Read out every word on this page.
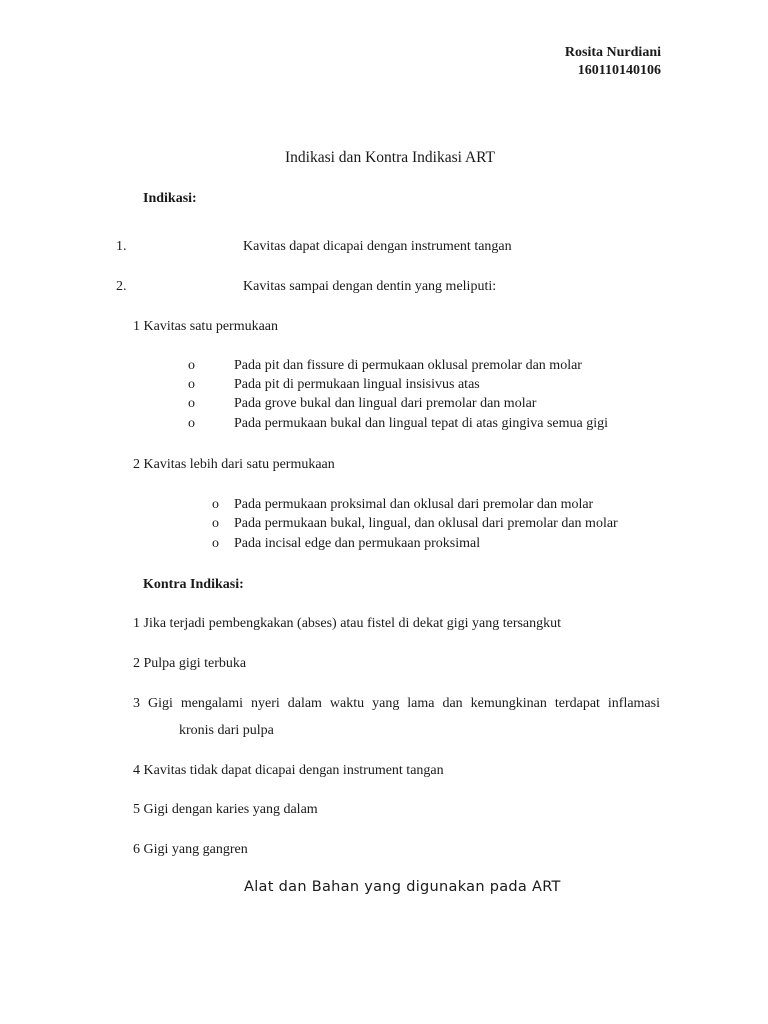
Rosita Nurdiani
160110140106
Indikasi dan Kontra Indikasi ART
Indikasi:
1.	Kavitas dapat dicapai dengan instrument tangan
2.	Kavitas sampai dengan dentin yang meliputi:
1 Kavitas satu permukaan
o	Pada pit dan fissure di permukaan oklusal premolar dan molar
o	Pada pit di permukaan lingual insisivus atas
o	Pada grove bukal dan lingual dari premolar dan molar
o	Pada permukaan bukal dan lingual tepat di atas gingiva semua gigi
2 Kavitas lebih dari satu permukaan
o Pada permukaan proksimal dan oklusal dari premolar dan molar
o Pada permukaan bukal, lingual, dan oklusal dari premolar dan molar
o Pada incisal edge dan permukaan proksimal
Kontra Indikasi:
1 Jika terjadi pembengkakan (abses) atau fistel di dekat gigi yang tersangkut
2 Pulpa gigi terbuka
3 Gigi mengalami nyeri dalam waktu yang lama dan kemungkinan terdapat inflamasi
kronis dari pulpa
4 Kavitas tidak dapat dicapai dengan instrument tangan
5 Gigi dengan karies yang dalam
6 Gigi yang gangren
Alat dan Bahan yang digunakan pada ART
